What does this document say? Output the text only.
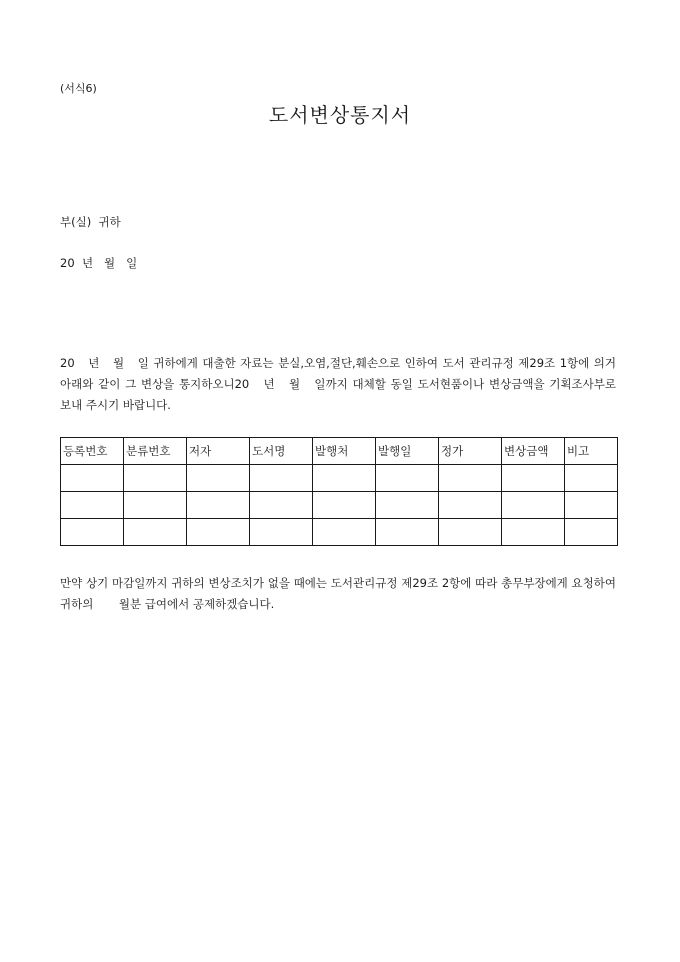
(서식6)
도서변상통지서
부(실)  귀하
20  년   월   일
20   년   월   일 귀하에게 대출한 자료는 분실,오염,절단,훼손으로 인하여 도서 관리규정 제29조 1항에 의거 아래와 같이 그 변상을 통지하오니20   년   월   일까지 대체할 동일 도서현품이나 변상금액을 기획조사부로 보내 주시기 바랍니다.
등록번호	분류번호	저자	도서명	발행처	발행일	정가	변상금액	비고

만약 상기 마감일까지 귀하의 변상조치가 없을 때에는 도서관리규정 제29조 2항에 따라 총무부장에게 요청하여 귀하의       월분 급여에서 공제하겠습니다.
